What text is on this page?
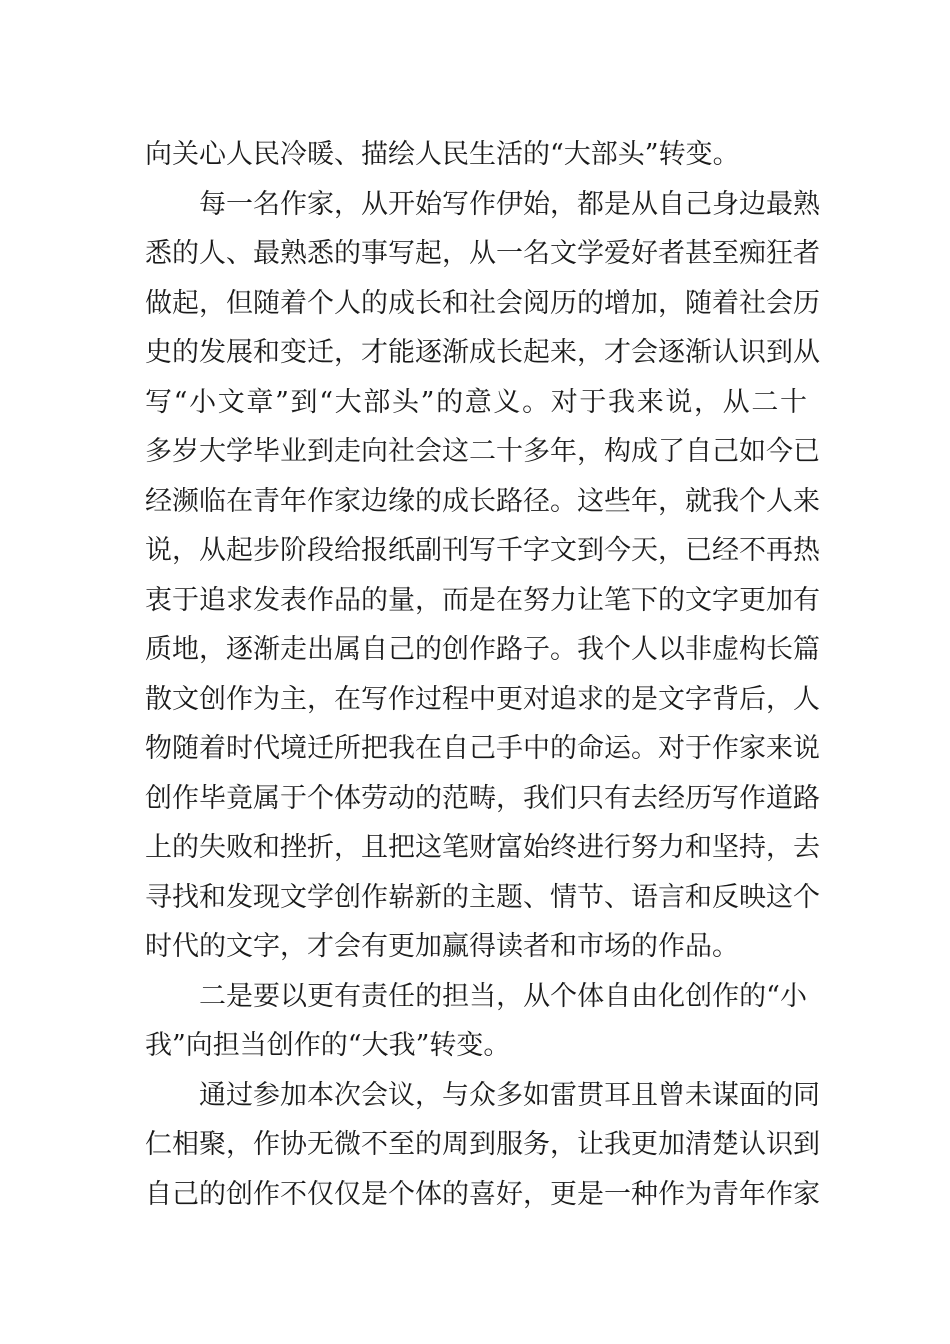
向关心人民冷暖、描绘人民生活的“大部头”转变。
每一名作家，从开始写作伊始，都是从自己身边最熟
悉的人、最熟悉的事写起，从一名文学爱好者甚至痴狂者
做起，但随着个人的成长和社会阅历的增加，随着社会历
史的发展和变迁，才能逐渐成长起来，才会逐渐认识到从
写“小文章”到“大部头”的意义。对于我来说，从二十
多岁大学毕业到走向社会这二十多年，构成了自己如今已
经濒临在青年作家边缘的成长路径。这些年，就我个人来
说，从起步阶段给报纸副刊写千字文到今天，已经不再热
衷于追求发表作品的量，而是在努力让笔下的文字更加有
质地，逐渐走出属自己的创作路子。我个人以非虚构长篇
散文创作为主，在写作过程中更对追求的是文字背后，人
物随着时代境迁所把我在自己手中的命运。对于作家来说
创作毕竟属于个体劳动的范畴，我们只有去经历写作道路
上的失败和挫折，且把这笔财富始终进行努力和坚持，去
寻找和发现文学创作崭新的主题、情节、语言和反映这个
时代的文字，才会有更加赢得读者和市场的作品。
二是要以更有责任的担当，从个体自由化创作的“小
我”向担当创作的“大我”转变。
通过参加本次会议，与众多如雷贯耳且曾未谋面的同
仁相聚，作协无微不至的周到服务，让我更加清楚认识到
自己的创作不仅仅是个体的喜好，更是一种作为青年作家
